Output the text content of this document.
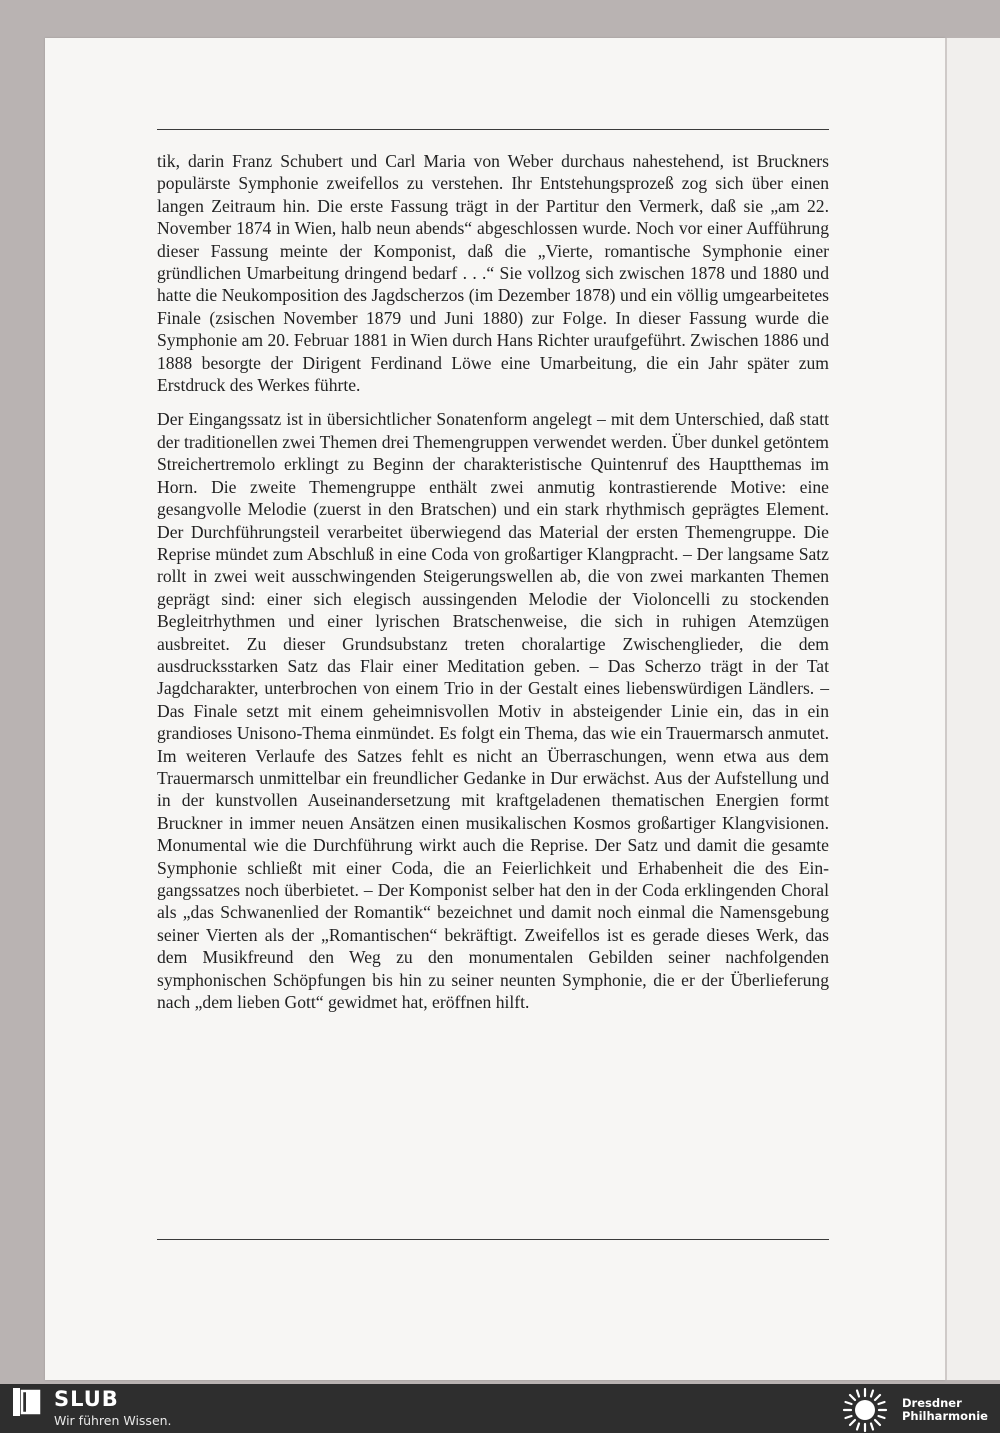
tik, darin Franz Schubert und Carl Maria von Weber durchaus nahestehend, ist Bruckners populärste Symphonie zweifellos zu verstehen. Ihr Entstehungsprozeß zog sich über einen langen Zeitraum hin. Die erste Fassung trägt in der Partitur den Vermerk, daß sie „am 22. November 1874 in Wien, halb neun abends“ abgeschlossen wurde. Noch vor einer Aufführung dieser Fassung meinte der Komponist, daß die „Vierte, romantische Symphonie einer gründlichen Umarbeitung dringend bedarf . . .“ Sie vollzog sich zwischen 1878 und 1880 und hatte die Neukomposition des Jagdscherzos (im Dezember 1878) und ein völlig umgearbeitetes Finale (zsischen November 1879 und Juni 1880) zur Folge. In dieser Fassung wurde die Symphonie am 20. Februar 1881 in Wien durch Hans Richter uraufgeführt. Zwischen 1886 und 1888 besorgte der Dirigent Ferdinand Löwe eine Umarbeitung, die ein Jahr später zum Erstdruck des Werkes führte.

Der Eingangssatz ist in übersichtlicher Sonatenform angelegt – mit dem Unterschied, daß statt der traditionellen zwei Themen drei Themengruppen verwendet werden. Über dunkel getöntem Streichertremolo erklingt zu Beginn der charakteristische Quintenruf des Hauptthemas im Horn. Die zweite Themengruppe enthält zwei anmutig kontrastierende Motive: eine gesangvolle Melodie (zuerst in den Bratschen) und ein stark rhythmisch geprägtes Element. Der Durchführungsteil verarbeitet überwiegend das Material der ersten Themengruppe. Die Reprise mündet zum Abschluß in eine Coda von großartiger Klangpracht. – Der langsame Satz rollt in zwei weit ausschwingenden Steigerungswellen ab, die von zwei markanten Themen geprägt sind: einer sich elegisch aussingenden Melodie der Violoncelli zu stockenden Begleitrhythmen und einer lyrischen Bratschenweise, die sich in ruhigen Atemzügen ausbreitet. Zu dieser Grundsubstanz treten choralartige Zwischenglieder, die dem ausdrucksstarken Satz das Flair einer Meditation geben. – Das Scherzo trägt in der Tat Jagdcharakter, unterbrochen von einem Trio in der Gestalt eines liebenswürdigen Ländlers. – Das Finale setzt mit einem geheimnisvollen Motiv in absteigender Linie ein, das in ein grandioses Unisono-Thema einmündet. Es folgt ein Thema, das wie ein Trauermarsch anmutet. Im weiteren Verlaufe des Satzes fehlt es nicht an Überraschungen, wenn etwa aus dem Trauermarsch unmittelbar ein freundlicher Gedanke in Dur erwächst. Aus der Aufstellung und in der kunstvollen Auseinandersetzung mit kraftgeladenen thematischen Energien formt Bruckner in immer neuen Ansätzen einen musikalischen Kosmos großartiger Klangvisionen. Monumental wie die Durchführung wirkt auch die Reprise. Der Satz und damit die gesamte Symphonie schließt mit einer Coda, die an Feierlichkeit und Erhabenheit die des Eingangssatzes noch überbietet. – Der Komponist selber hat den in der Coda erklingenden Choral als „das Schwanenlied der Romantik“ bezeichnet und damit noch einmal die Namensgebung seiner Vierten als der „Romantischen“ bekräftigt. Zweifellos ist es gerade dieses Werk, das dem Musikfreund den Weg zu den monumentalen Gebilden seiner nachfolgenden symphonischen Schöpfungen bis hin zu seiner neunten Symphonie, die er der Überlieferung nach „dem lieben Gott“ gewidmet hat, eröffnen hilft.

SLUB
Wir führen Wissen.
Dresdner
Philharmonie
